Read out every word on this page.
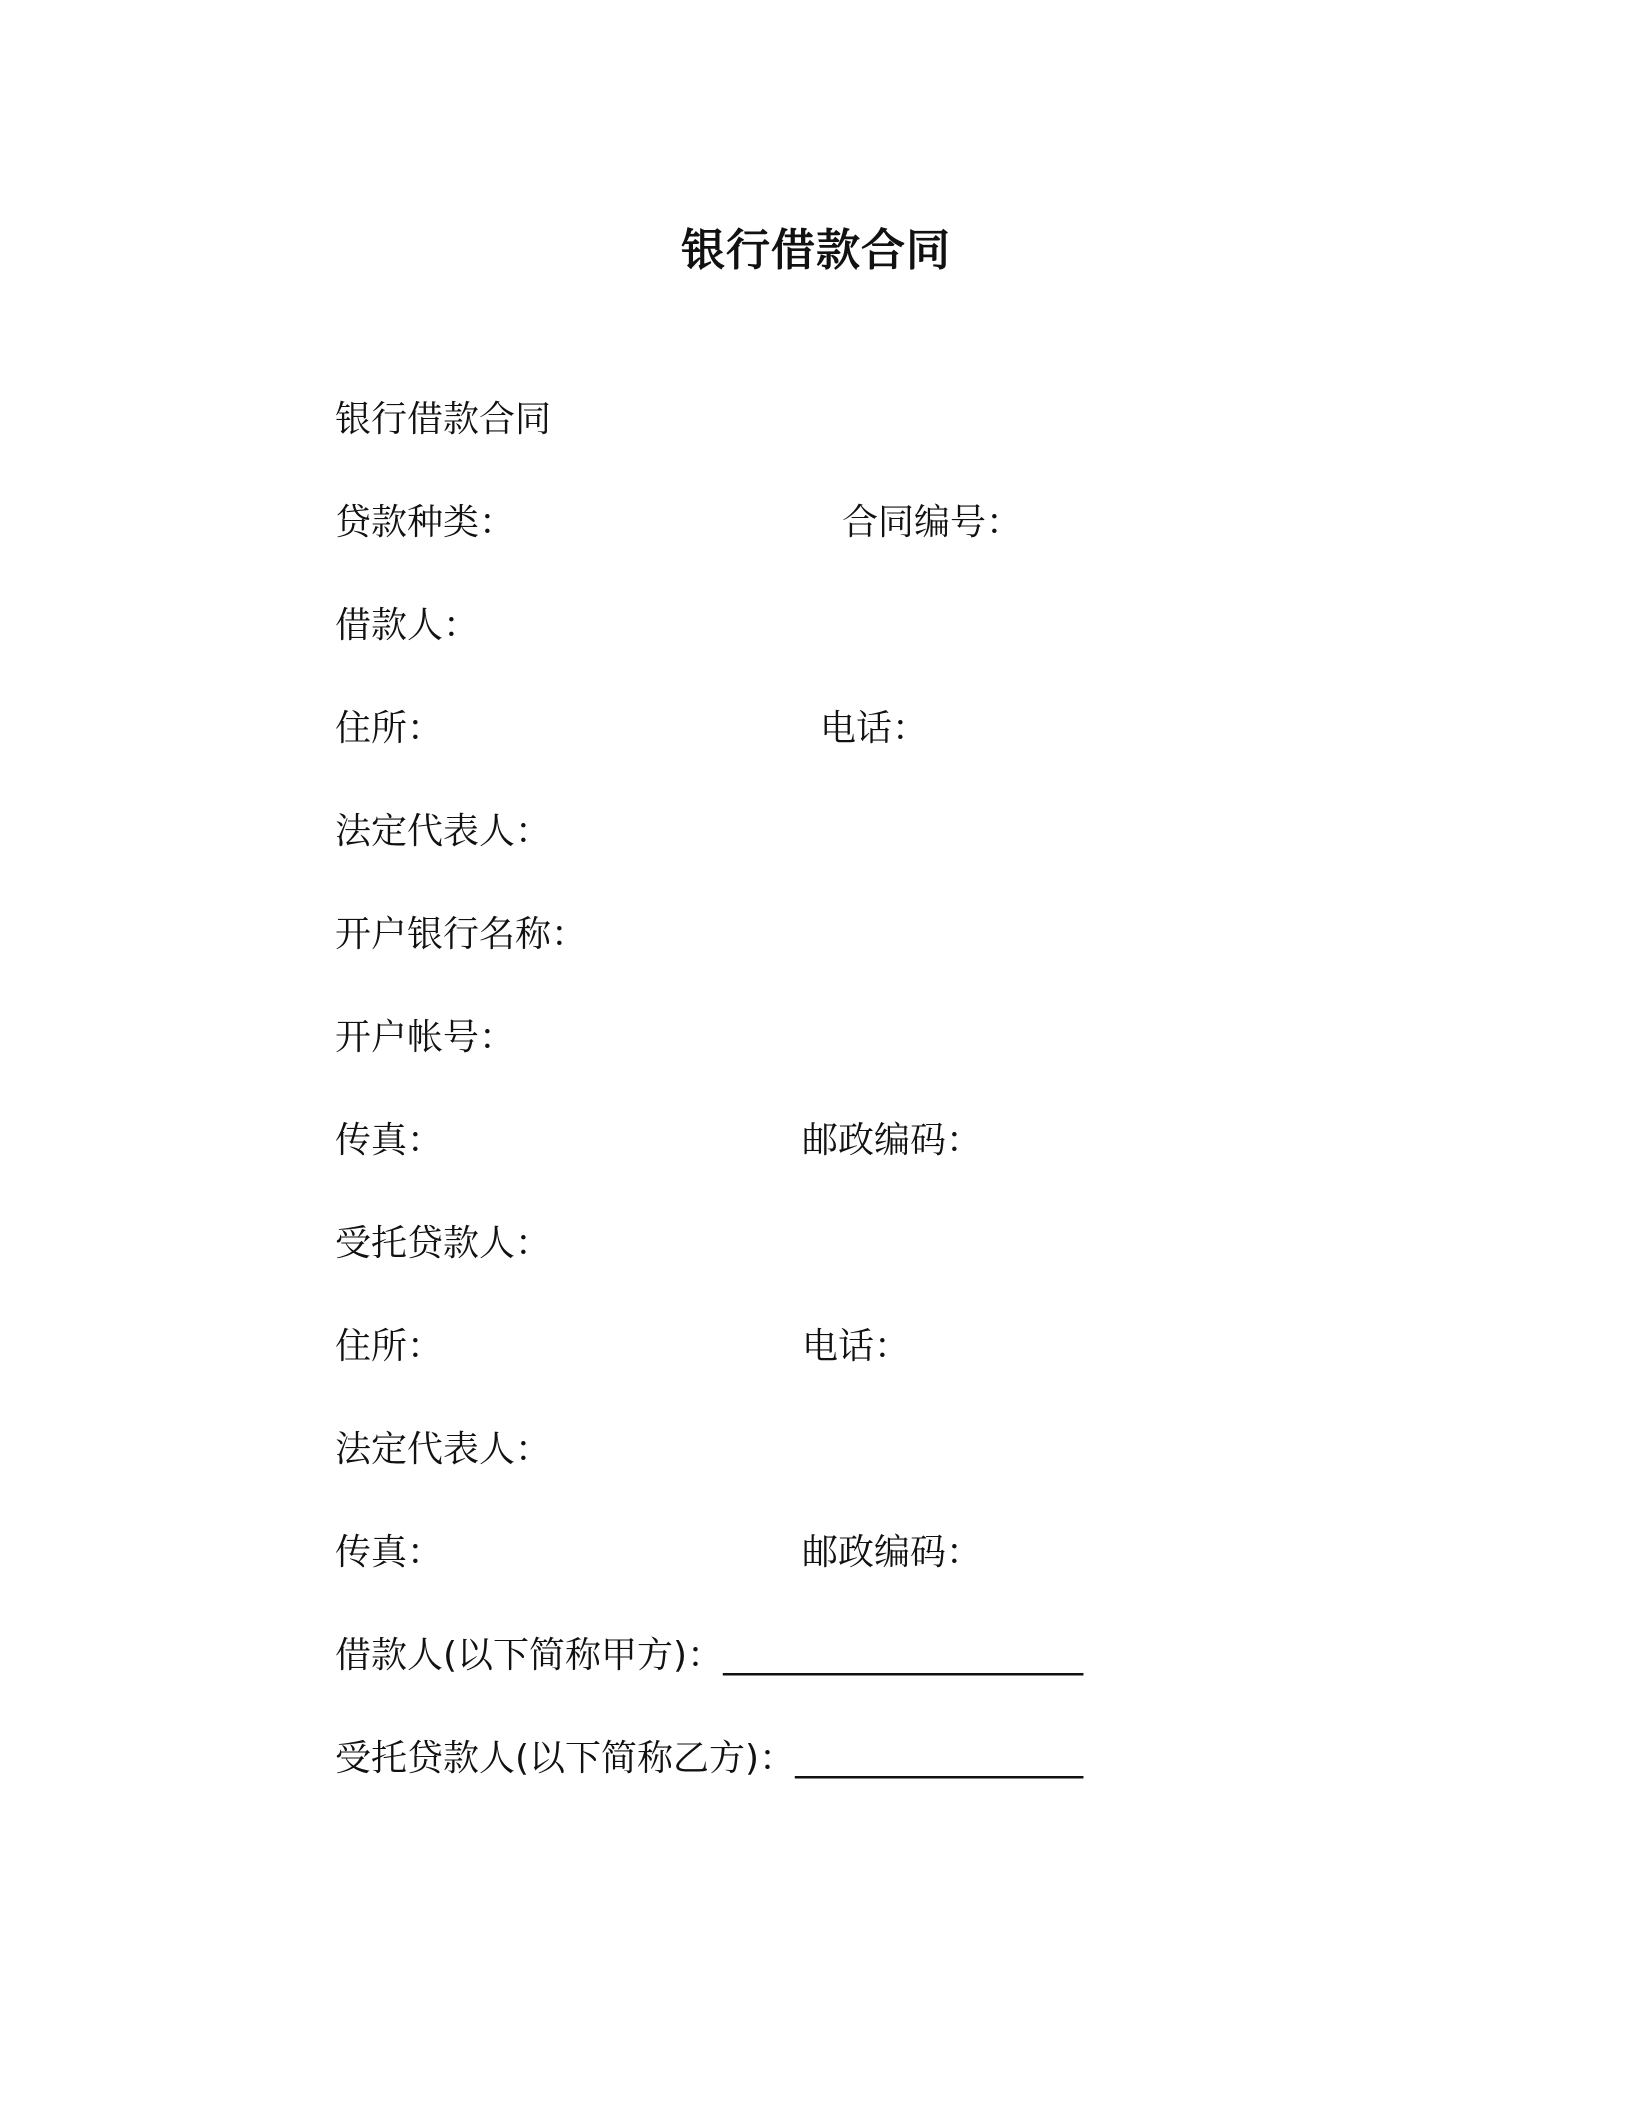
银行借款合同
银行借款合同
贷款种类：	合同编号：
借款人：
住所：	电话：
法定代表人：
开户银行名称：
开户帐号：
传真：	邮政编码：
受托贷款人：
住所：	电话：
法定代表人：
传真：	邮政编码：
借款人(以下简称甲方)：____________________
受托贷款人(以下简称乙方)：________________
